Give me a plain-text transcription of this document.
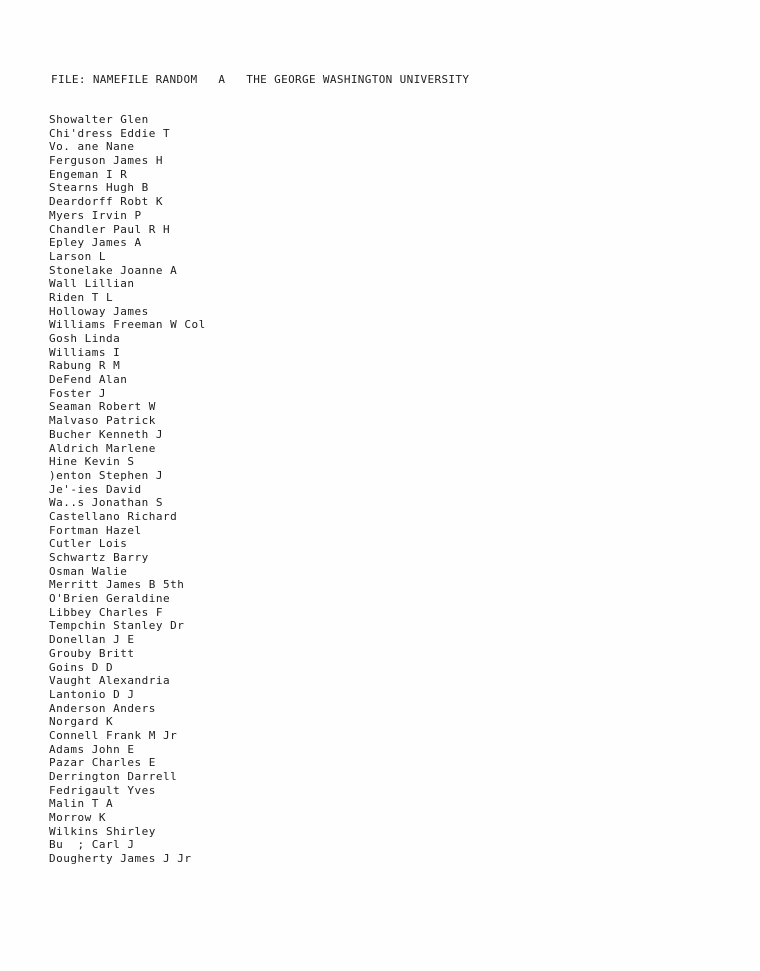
FILE: NAMEFILE RANDOM   A   THE GEORGE WASHINGTON UNIVERSITY
Showalter Glen
Chi'dress Eddie T
Vo. ane Nane
Ferguson James H
Engeman I R
Stearns Hugh B
Deardorff Robt K
Myers Irvin P
Chandler Paul R H
Epley James A
Larson L
Stonelake Joanne A
Wall Lillian
Riden T L
Holloway James
Williams Freeman W Col
Gosh Linda
Williams I
Rabung R M
DeFend Alan
Foster J
Seaman Robert W
Malvaso Patrick
Bucher Kenneth J
Aldrich Marlene
Hine Kevin S
)enton Stephen J
Je'-ies David
Wa..s Jonathan S
Castellano Richard
Fortman Hazel
Cutler Lois
Schwartz Barry
Osman Walie
Merritt James B 5th
O'Brien Geraldine
Libbey Charles F
Tempchin Stanley Dr
Donellan J E
Grouby Britt
Goins D D
Vaught Alexandria
Lantonio D J
Anderson Anders
Norgard K
Connell Frank M Jr
Adams John E
Pazar Charles E
Derrington Darrell
Fedrigault Yves
Malin T A
Morrow K
Wilkins Shirley
Bu  ; Carl J
Dougherty James J Jr
